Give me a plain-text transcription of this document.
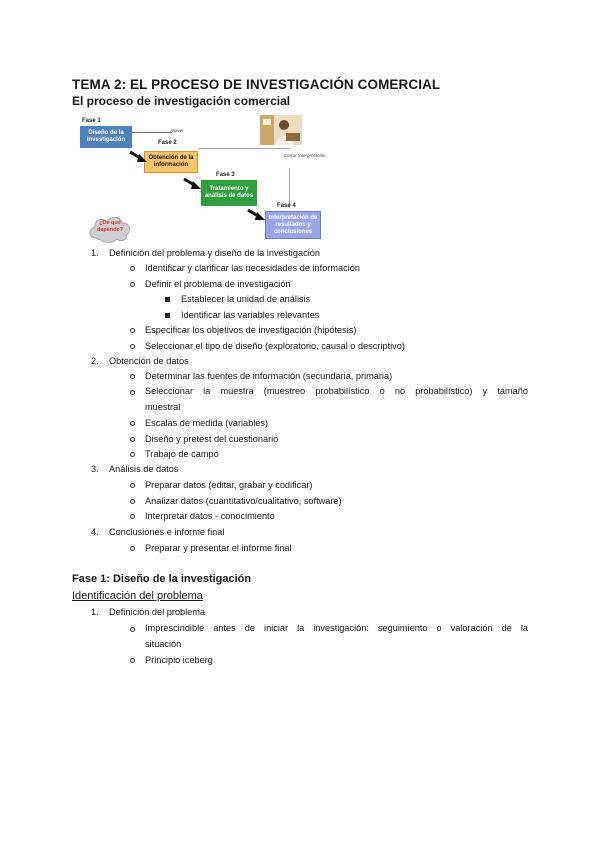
TEMA 2: EL PROCESO DE INVESTIGACIÓN COMERCIAL
El proceso de investigación comercial
Fase 1
Diseño de la investigación
Volver
Fase 2
Obtención de la información
Fase 3
Tratamiento y análisis de datos
Cerrar Interpretación
Fase 4
Interpretación de resultados y conclusiones
¿De qué depende?
1. Definición del problema y diseño de la investigación
Identificar y clarificar las necesidades de información
Definir el problema de investigación
Establecer la unidad de análisis
Identificar las variables relevantes
Especificar los objetivos de investigación (hipótesis)
Seleccionar el tipo de diseño (exploratorio, causal o descriptivo)
2. Obtención de datos
Determinar las fuentes de información (secundaria, primaria)
Seleccionar la muestra (muestreo probabilístico o no probabilístico) y tamaño
muestral
Escalas de medida (variables)
Diseño y pretest del cuestionario
Trabajo de campo
3. Análisis de datos
Preparar datos (editar, grabar y codificar)
Analizar datos (cuantitativo/cualitativo, software)
Interpretar datos - conocimiento
4. Conclusiones e informe final
Preparar y presentar el informe final
Fase 1: Diseño de la investigación
Identificación del problema
1. Definición del problema
Imprescindible antes de iniciar la investigación: seguimiento o valoración de la
situación
Principio iceberg
